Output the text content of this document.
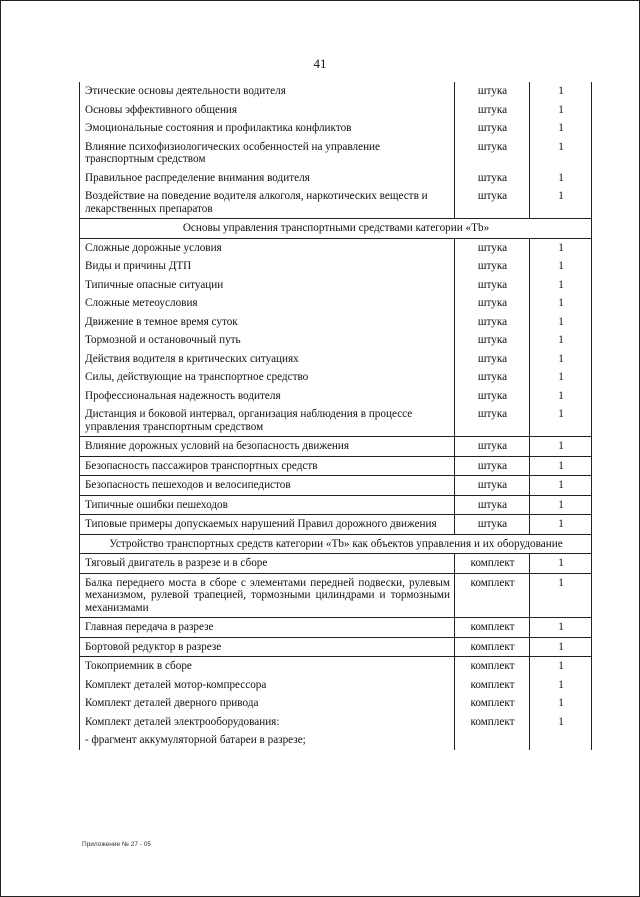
41
Этические основы деятельности водителя	штука	1
Основы эффективного общения	штука	1
Эмоциональные состояния и профилактика конфликтов	штука	1
Влияние психофизиологических особенностей на управление транспортным средством	штука	1
Правильное распределение внимания водителя	штука	1
Воздействие на поведение водителя алкоголя, наркотических веществ и лекарственных препаратов	штука	1
Основы управления транспортными средствами категории «Tb»		
Сложные дорожные условия	штука	1
Виды и причины ДТП	штука	1
Типичные опасные ситуации	штука	1
Сложные метеоусловия	штука	1
Движение в темное время суток	штука	1
Тормозной и остановочный путь	штука	1
Действия водителя в критических ситуациях	штука	1
Силы, действующие на транспортное средство	штука	1
Профессиональная надежность водителя	штука	1
Дистанция и боковой интервал, организация наблюдения в процессе управления транспортным средством	штука	1
Влияние дорожных условий на безопасность движения	штука	1
Безопасность пассажиров транспортных средств	штука	1
Безопасность пешеходов и велосипедистов	штука	1
Типичные ошибки пешеходов	штука	1
Типовые примеры допускаемых нарушений Правил дорожного движения	штука	1
Устройство транспортных средств категории «Tb» как объектов управления и их оборудование		
Тяговый двигатель в разрезе и в сборе	комплект	1
Балка переднего моста в сборе с элементами передней подвески, рулевым механизмом, рулевой трапецией, тормозными цилиндрами и тормозными механизмами	комплект	1
Главная передача в разрезе	комплект	1
Бортовой редуктор в разрезе	комплект	1
Токоприемник в сборе	комплект	1
Комплект деталей мотор-компрессора	комплект	1
Комплект деталей дверного привода	комплект	1
Комплект деталей электрооборудования:	комплект	1
- фрагмент аккумуляторной батареи в разрезе;		
Приложение № 27 - 05
